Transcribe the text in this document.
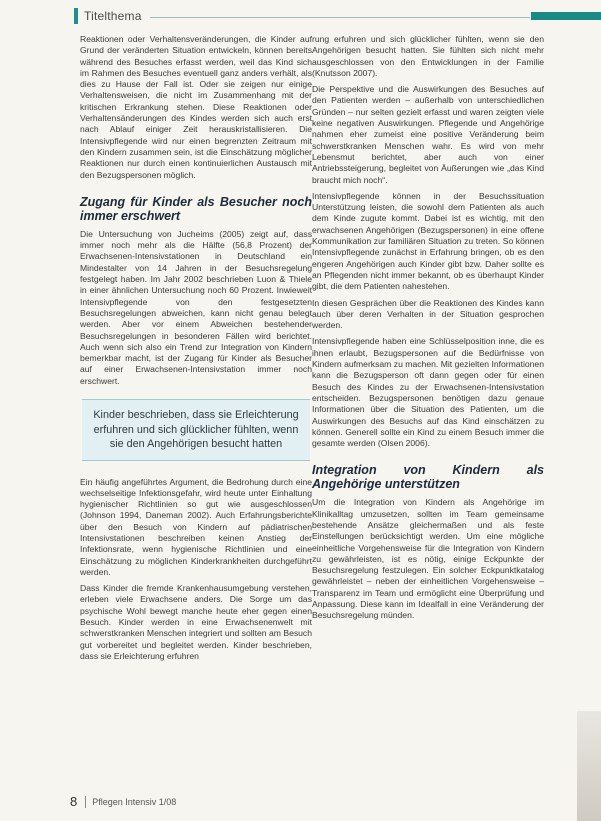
Titelthema

Reaktionen oder Verhaltensveränderungen, die Kinder auf Grund der veränderten Situation entwickeln, können bereits während des Besuches erfasst werden, weil das Kind sich im Rahmen des Besuches eventuell ganz anders verhält, als dies zu Hause der Fall ist. Oder sie zeigen nur einige Verhaltensweisen, die nicht im Zusammenhang mit der kritischen Erkrankung stehen. Diese Reaktionen oder Verhaltensänderungen des Kindes werden sich auch erst nach Ablauf einiger Zeit herauskristallisieren. Die Intensivpflegende wird nur einen begrenzten Zeitraum mit den Kindern zusammen sein, ist die Einschätzung möglicher Reaktionen nur durch einen kontinuierlichen Austausch mit den Bezugspersonen möglich.

Zugang für Kinder als Besucher noch immer erschwert

Die Untersuchung von Jucheims (2005) zeigt auf, dass immer noch mehr als die Hälfte (56,8 Prozent) der Erwachsenen-Intensivstationen in Deutschland ein Mindestalter von 14 Jahren in der Besuchsregelung festgelegt haben. Im Jahr 2002 beschrieben Luon & Thiele in einer ähnlichen Untersuchung noch 60 Prozent. Inwieweit Intensivpflegende von den festgesetzten Besuchsregelungen abweichen, kann nicht genau belegt werden. Aber vor einem Abweichen bestehender Besuchsregelungen in besonderen Fällen wird berichtet. Auch wenn sich also ein Trend zur Integration von Kindern bemerkbar macht, ist der Zugang für Kinder als Besucher auf einer Erwachsenen-Intensivstation immer noch erschwert.

Kinder beschrieben, dass sie Erleichterung erfuhren und sich glücklicher fühlten, wenn sie den Angehörigen besucht hatten

Ein häufig angeführtes Argument, die Bedrohung durch eine wechselseitige Infektionsgefahr, wird heute unter Einhaltung hygienischer Richtlinien so gut wie ausgeschlossen (Johnson 1994, Daneman 2002). Auch Erfahrungsberichte über den Besuch von Kindern auf pädiatrischen Intensivstationen beschreiben keinen Anstieg der Infektionsrate, wenn hygienische Richtlinien und eine Einschätzung zu möglichen Kinderkrankheiten durchgeführt werden.

Dass Kinder die fremde Krankenhausumgebung verstehen, erleben viele Erwachsene anders. Die Sorge um das psychische Wohl bewegt manche heute eher gegen einen Besuch. Kinder werden in eine Erwachsenenwelt mit schwerstkranken Menschen integriert und sollten am Besuch gut vorbereitet und begleitet werden. Kinder beschrieben, dass sie Erleichterung erfuhren

rung erfuhren und sich glücklicher fühlten, wenn sie den Angehörigen besucht hatten. Sie fühlten sich nicht mehr ausgeschlossen von den Entwicklungen in der Familie (Knutsson 2007).

Die Perspektive und die Auswirkungen des Besuches auf den Patienten werden – außerhalb von unterschiedlichen Gründen – nur selten gezielt erfasst und waren zeigten viele keine negativen Auswirkungen. Pflegende und Angehörige nahmen eher zumeist eine positive Veränderung beim schwerstkranken Menschen wahr. Es wird von mehr Lebensmut berichtet, aber auch von einer Antriebssteigerung, begleitet von Äußerungen wie „das Kind braucht mich noch“.

Intensivpflegende können in der Besuchssituation Unterstützung leisten, die sowohl dem Patienten als auch dem Kinde zugute kommt. Dabei ist es wichtig, mit den erwachsenen Angehörigen (Bezugspersonen) in eine offene Kommunikation zur familiären Situation zu treten. So können Intensivpflegende zunächst in Erfahrung bringen, ob es den engeren Angehörigen auch Kinder gibt bzw. Daher sollte es an Pflegenden nicht immer bekannt, ob es überhaupt Kinder gibt, die dem Patienten nahestehen.

In diesen Gesprächen über die Reaktionen des Kindes kann auch über deren Verhalten in der Situation gesprochen werden.

Intensivpflegende haben eine Schlüsselposition inne, die es ihnen erlaubt, Bezugspersonen auf die Bedürfnisse von Kindern aufmerksam zu machen. Mit gezielten Informationen kann die Bezugsperson oft dann gegen oder für einen Besuch des Kindes zu der Erwachsenen-Intensivstation entscheiden. Bezugspersonen benötigen dazu genaue Informationen über die Situation des Patienten, um die Auswirkungen des Besuchs auf das Kind einschätzen zu können. Generell sollte ein Kind zu einem Besuch immer die gesamte werden (Olsen 2006).

Integration von Kindern als Angehörige unterstützen

Um die Integration von Kindern als Angehörige im Klinikalltag umzusetzen, sollten im Team gemeinsame bestehende Ansätze gleichermaßen und als feste Einstellungen berücksichtigt werden. Um eine mögliche einheitliche Vorgehensweise für die Integration von Kindern zu gewährleisten, ist es nötig, einige Eckpunkte der Besuchsregelung festzulegen. Ein solcher Eckpunktkatalog gewährleistet – neben der einheitlichen Vorgehensweise – Transparenz im Team und ermöglicht eine Überprüfung und Anpassung. Diese kann im Idealfall in eine Veränderung der Besuchsregelung münden.

8 Pflegen Intensiv 1/08
